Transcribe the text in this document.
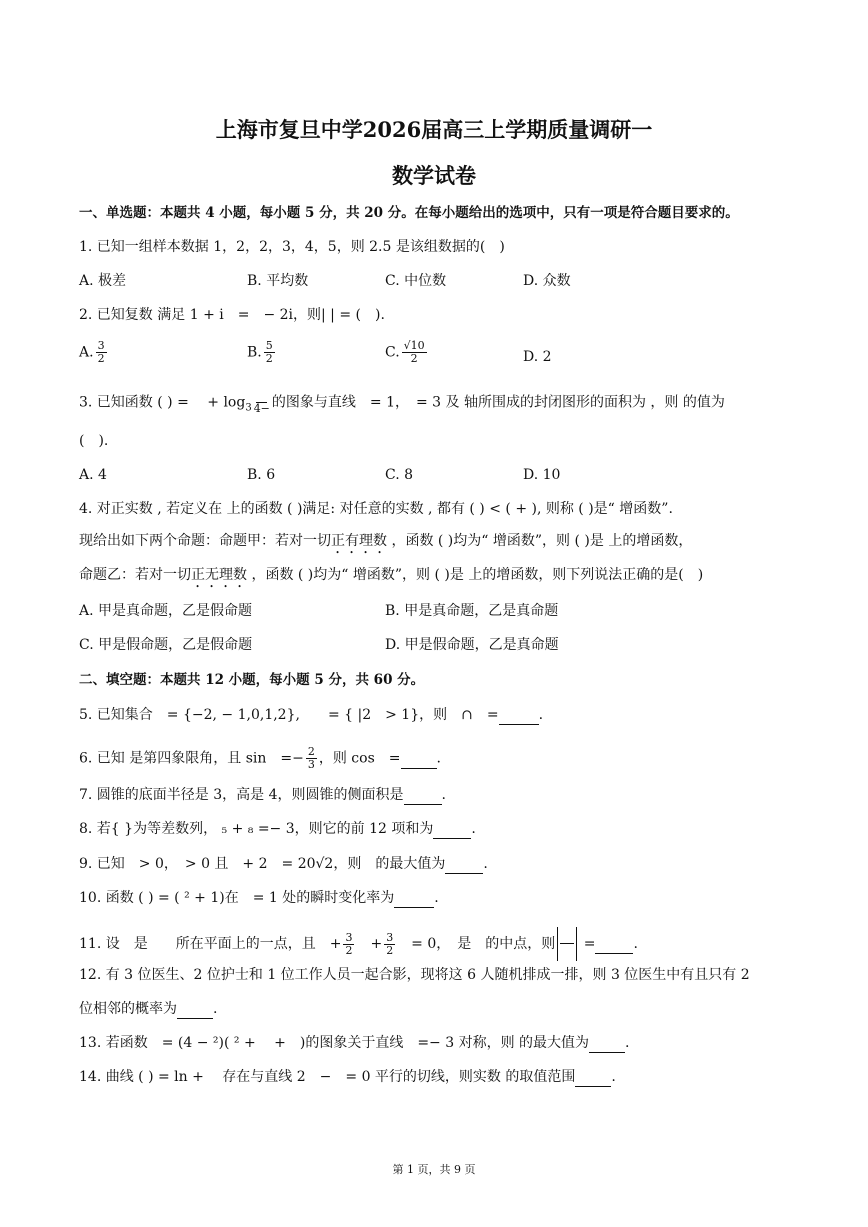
上海市复旦中学2026届高三上学期质量调研一
数学试卷
一、单选题：本题共 4 小题，每小题 5 分，共 20 分。在每小题给出的选项中，只有一项是符合题目要求的。
1. 已知一组样本数据 1，2，2，3，4，5，则 2.5 是该组数据的(　)
A. 极差	B. 平均数	C. 中位数	D. 众数
2. 已知复数 满足 1 + i　=　− 2i，则| | = (　).
A. $\frac{3}{2}$	B. $\frac{5}{2}$	C. $\frac{√10}{2}$	D. 2
3. 已知函数 ( ) = 　+ $\log_3$
4− 的图象与直线　= 1，　= 3 及 轴所围成的封闭图形的面积为 ，则 的值为
(　).
A. 4	B. 6	C. 8	D. 10
4. 对正实数 , 若定义在 上的函数 ( )满足: 对任意的实数 , 都有 ( ) < ( + ), 则称 ( )是“ 增函数”.
现给出如下两个命题：命题甲：若对一切正有理数 ，函数 ( )均为“ 增函数”，则 ( )是 上的增函数，
命题乙：若对一切正无理数 ，函数 ( )均为“ 增函数”，则 ( )是 上的增函数，则下列说法正确的是(　)
A. 甲是真命题，乙是假命题	B. 甲是真命题，乙是真命题
C. 甲是假命题，乙是假命题	D. 甲是假命题，乙是真命题
二、填空题：本题共 12 小题，每小题 5 分，共 60 分。
5. 已知集合　= {−2, − 1,0,1,2},　　= { |2　> 1}，则　∩　=	.
6. 已知 是第四象限角，且 sin　=− $\frac{2}{3}$ ，则 cos　=	.
7. 圆锥的底面半径是 3，高是 4，则圆锥的侧面积是	.
8. 若{ }为等差数列， ₅ + ₈ =− 3，则它的前 12 项和为	.
9. 已知　> 0，　> 0 且　+ 2　= 20√2，则　的最大值为	.
10. 函数 ( ) = ( ² + 1)在　= 1 处的瞬时变化率为	.
11. 设　是　　所在平面上的一点，且　+ $\frac{3}{2}$ 　+ $\frac{3}{2}$ 　= 0，　是　的中点，则 =	.
12. 有 3 位医生、2 位护士和 1 位工作人员一起合影，现将这 6 人随机排成一排，则 3 位医生中有且只有 2
位相邻的概率为	.
13. 若函数　= (4 − ²)( ² +　 +　)的图象关于直线　=− 3 对称，则 的最大值为	.
14. 曲线 ( ) = ln +　 存在与直线 2　−　= 0 平行的切线，则实数 的取值范围	.
第 1 页，共 9 页
